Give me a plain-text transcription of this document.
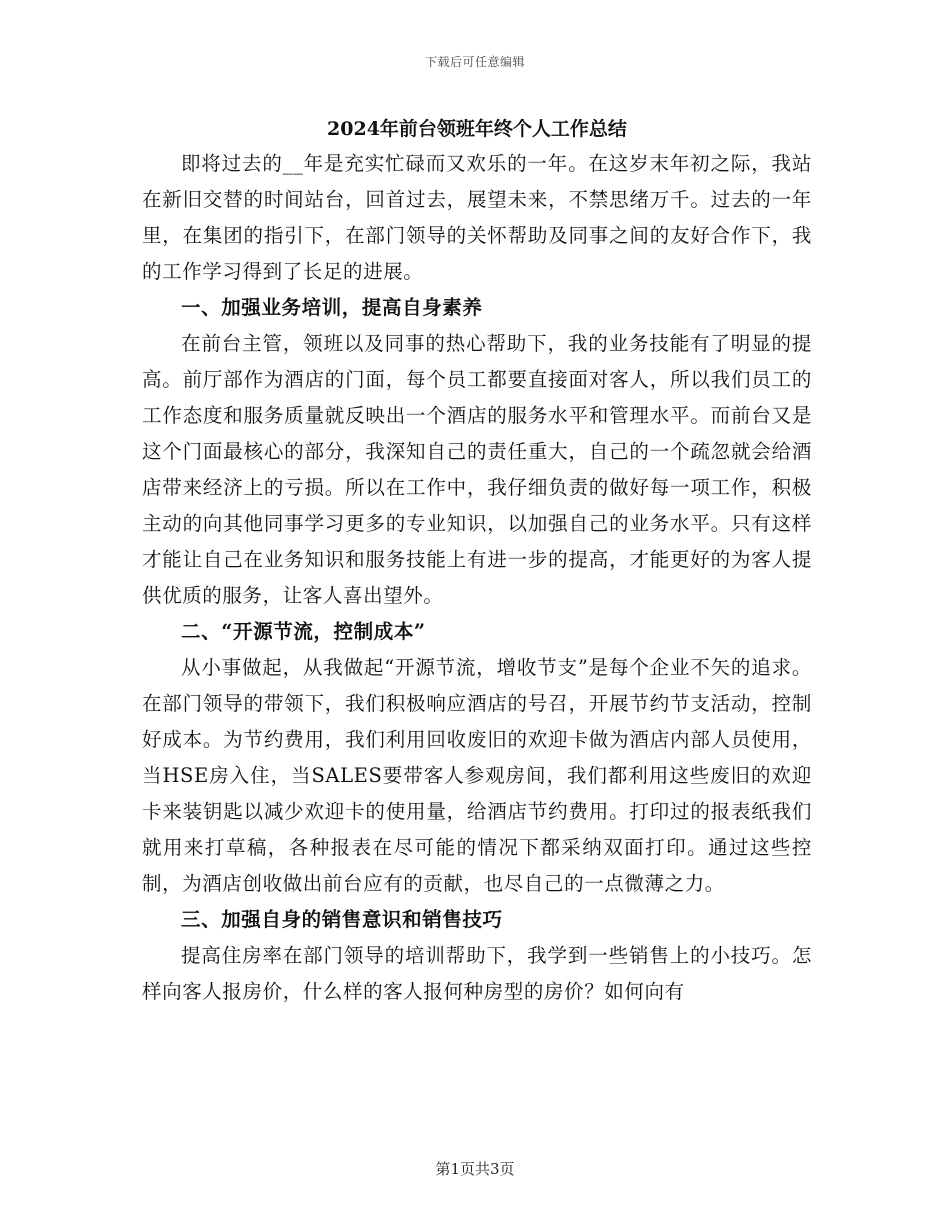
下载后可任意编辑
2024年前台领班年终个人工作总结

即将过去的__年是充实忙碌而又欢乐的一年。在这岁末年初之际，我站在新旧交替的时间站台，回首过去，展望未来，不禁思绪万千。过去的一年里，在集团的指引下，在部门领导的关怀帮助及同事之间的友好合作下，我的工作学习得到了长足的进展。

一、加强业务培训，提高自身素养

在前台主管，领班以及同事的热心帮助下，我的业务技能有了明显的提高。前厅部作为酒店的门面，每个员工都要直接面对客人，所以我们员工的工作态度和服务质量就反映出一个酒店的服务水平和管理水平。而前台又是这个门面最核心的部分，我深知自己的责任重大，自己的一个疏忽就会给酒店带来经济上的亏损。所以在工作中，我仔细负责的做好每一项工作，积极主动的向其他同事学习更多的专业知识，以加强自己的业务水平。只有这样才能让自己在业务知识和服务技能上有进一步的提高，才能更好的为客人提供优质的服务，让客人喜出望外。

二、“开源节流，控制成本”

从小事做起，从我做起“开源节流，增收节支”是每个企业不矢的追求。在部门领导的带领下，我们积极响应酒店的号召，开展节约节支活动，控制好成本。为节约费用，我们利用回收废旧的欢迎卡做为酒店内部人员使用，当HSE房入住，当SALES要带客人参观房间，我们都利用这些废旧的欢迎卡来装钥匙以减少欢迎卡的使用量，给酒店节约费用。打印过的报表纸我们就用来打草稿，各种报表在尽可能的情况下都采纳双面打印。通过这些控制，为酒店创收做出前台应有的贡献，也尽自己的一点微薄之力。

三、加强自身的销售意识和销售技巧

提高住房率在部门领导的培训帮助下，我学到一些销售上的小技巧。怎样向客人报房价，什么样的客人报何种房型的房价？如何向有

第1页共3页
